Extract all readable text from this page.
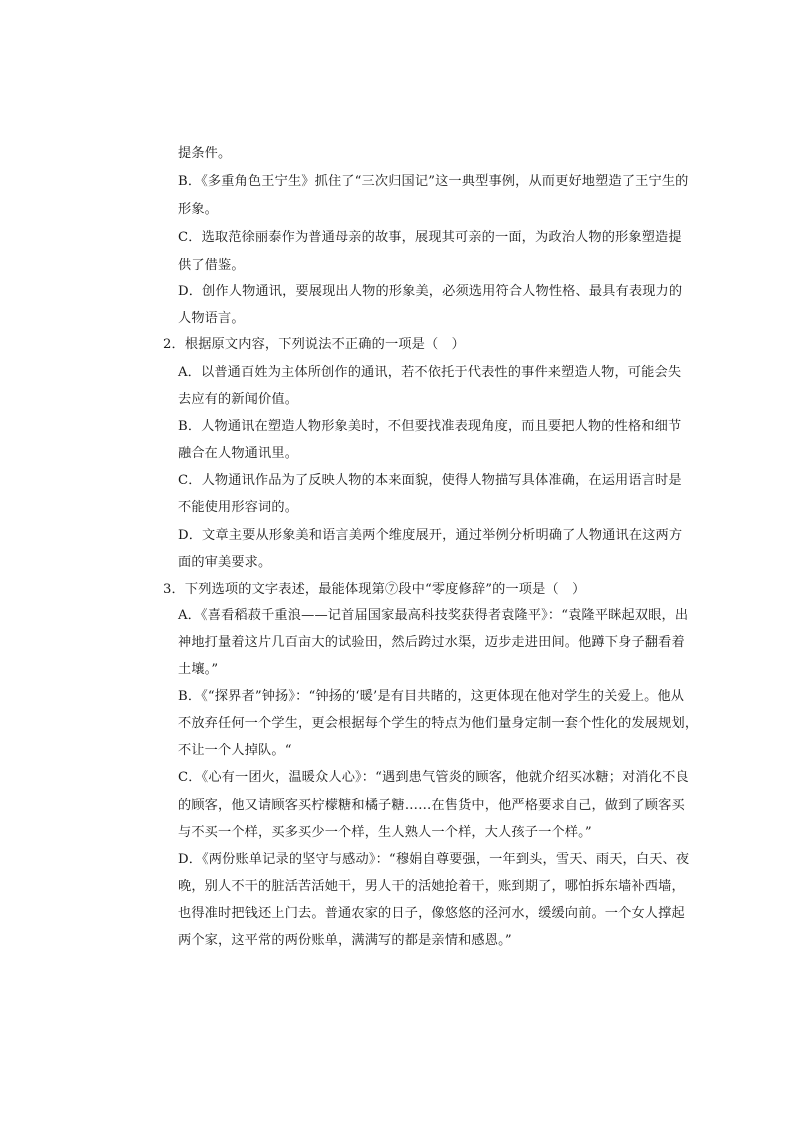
提条件。
B．《多重角色王宁生》抓住了“三次归国记”这一典型事例，从而更好地塑造了王宁生的
形象。
C．选取范徐丽泰作为普通母亲的故事，展现其可亲的一面，为政治人物的形象塑造提
供了借鉴。
D．创作人物通讯，要展现出人物的形象美，必须选用符合人物性格、最具有表现力的
人物语言。
2．根据原文内容，下列说法不正确的一项是（　）
A．以普通百姓为主体所创作的通讯，若不依托于代表性的事件来塑造人物，可能会失
去应有的新闻价值。
B．人物通讯在塑造人物形象美时，不但要找准表现角度，而且要把人物的性格和细节
融合在人物通讯里。
C．人物通讯作品为了反映人物的本来面貌，使得人物描写具体准确，在运用语言时是
不能使用形容词的。
D．文章主要从形象美和语言美两个维度展开，通过举例分析明确了人物通讯在这两方
面的审美要求。
3．下列选项的文字表述，最能体现第⑦段中“零度修辞”的一项是（　）
A．《喜看稻菽千重浪——记首届国家最高科技奖获得者袁隆平》：“袁隆平眯起双眼，出
神地打量着这片几百亩大的试验田，然后跨过水渠，迈步走进田间。他蹲下身子翻看着
土壤。”
B．《“探界者”钟扬》：“钟扬的‘暖’是有目共睹的，这更体现在他对学生的关爱上。他从
不放弃任何一个学生，更会根据每个学生的特点为他们量身定制一套个性化的发展规划，
不让一个人掉队。“
C．《心有一团火，温暖众人心》：“遇到患气管炎的顾客，他就介绍买冰糖；对消化不良
的顾客，他又请顾客买柠檬糖和橘子糖……在售货中，他严格要求自己，做到了顾客买
与不买一个样，买多买少一个样，生人熟人一个样，大人孩子一个样。”
D．《两份账单记录的坚守与感动》：“穆娟自尊要强，一年到头，雪天、雨天，白天、夜
晚，别人不干的脏活苦活她干，男人干的活她抢着干，账到期了，哪怕拆东墙补西墙，
也得准时把钱还上门去。普通农家的日子，像悠悠的泾河水，缓缓向前。一个女人撑起
两个家，这平常的两份账单，满满写的都是亲情和感恩。”
